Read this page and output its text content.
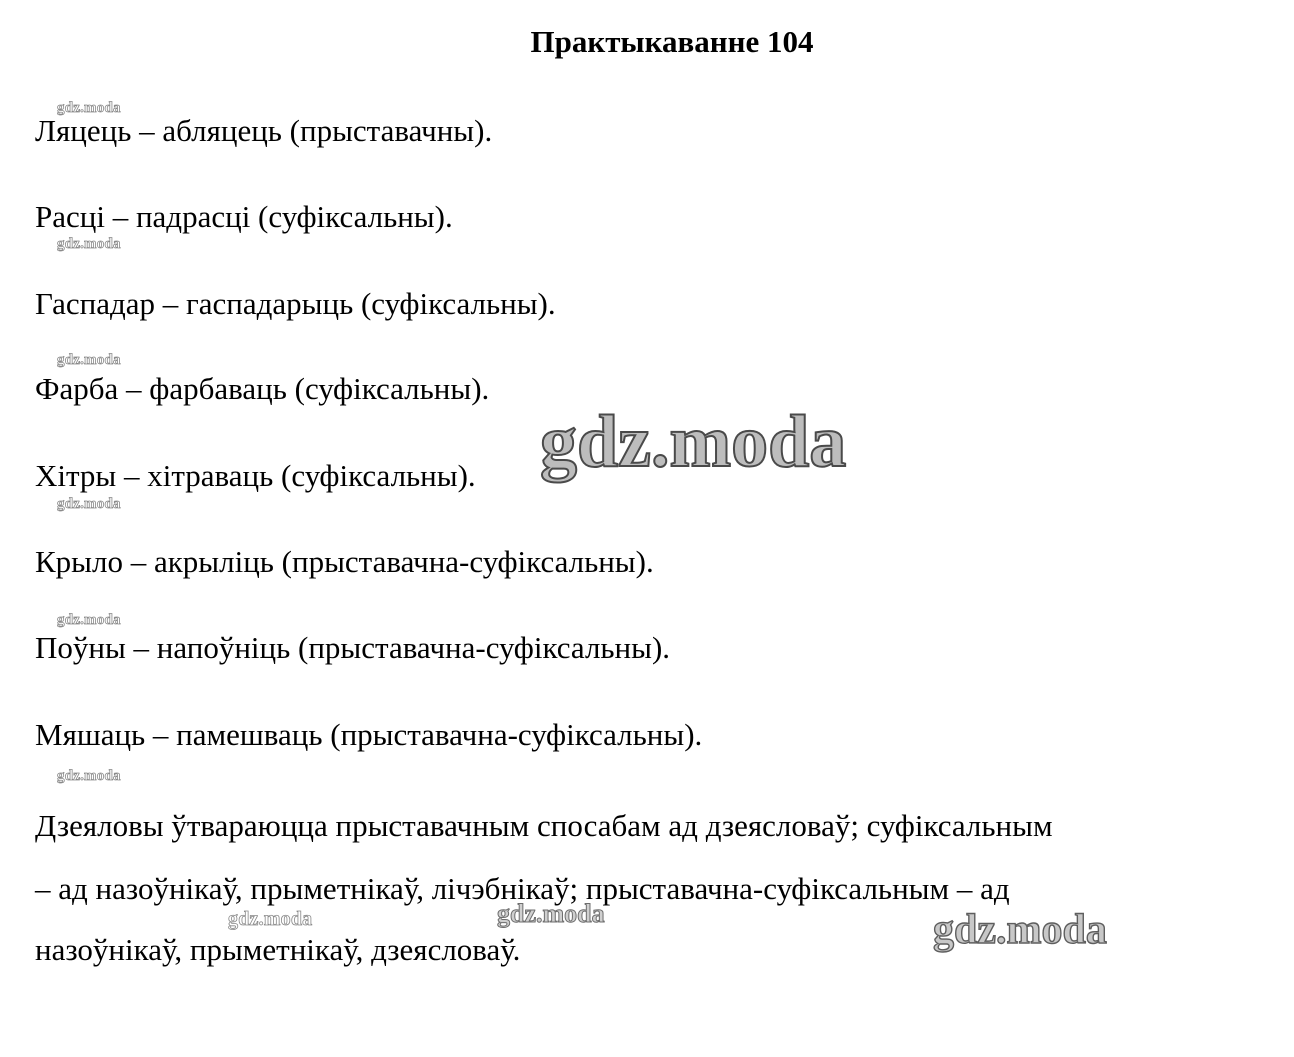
Практыкаванне 104
gdz.moda
gdz.moda
gdz.moda
gdz.moda
gdz.moda
gdz.moda
gdz.moda
Ляцець – абляцець (прыставачны).
Расці – падрасці (суфіксальны).
Гаспадар – гаспадарыць (суфіксальны).
Фарба – фарбаваць (суфіксальны).
Хітры – хітраваць (суфіксальны).
Крыло – акрыліць (прыставачна-суфіксальны).
Поўны – напоўніць (прыставачна-суфіксальны).
Мяшаць – памешваць (прыставачна-суфіксальны).
Дзеяловы ўтвараюцца прыставачным спосабам ад дзеясловаў; суфіксальным
– ад назоўнікаў, прыметнікаў, лічэбнікаў; прыставачна-суфіксальным – ад
назоўнікаў, прыметнікаў, дзеясловаў.
gdz.moda
gdz.moda	gdz.moda
